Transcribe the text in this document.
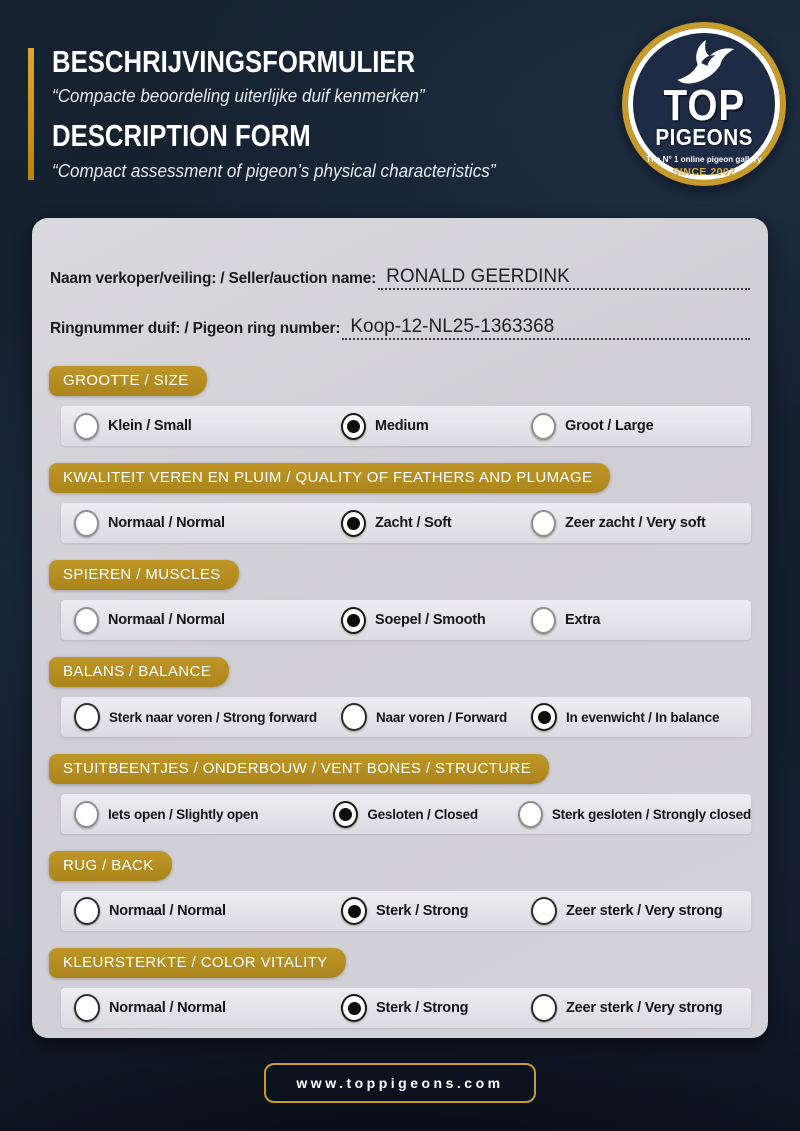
BESCHRIJVINGSFORMULIER
“Compacte beoordeling uiterlijke duif kenmerken”
DESCRIPTION FORM
“Compact assessment of pigeon’s physical characteristics”
TOP
PIGEONS
The N° 1 online pigeon gallery
SINCE 2002
Naam verkoper/veiling: / Seller/auction name: RONALD GEERDINK
Ringnummer duif: / Pigeon ring number: Koop-12-NL25-1363368
GROOTTE / SIZE
Klein / Small	Medium	Groot / Large
KWALITEIT VEREN EN PLUIM / QUALITY OF FEATHERS AND PLUMAGE
Normaal / Normal	Zacht / Soft	Zeer zacht / Very soft
SPIEREN / MUSCLES
Normaal / Normal	Soepel / Smooth	Extra
BALANS / BALANCE
Sterk naar voren / Strong forward	Naar voren / Forward	In evenwicht / In balance
STUITBEENTJES / ONDERBOUW / VENT BONES / STRUCTURE
Iets open / Slightly open	Gesloten / Closed	Sterk gesloten / Strongly closed
RUG / BACK
Normaal / Normal	Sterk / Strong	Zeer sterk / Very strong
KLEURSTERKTE / COLOR VITALITY
Normaal / Normal	Sterk / Strong	Zeer sterk / Very strong
www.toppigeons.com
